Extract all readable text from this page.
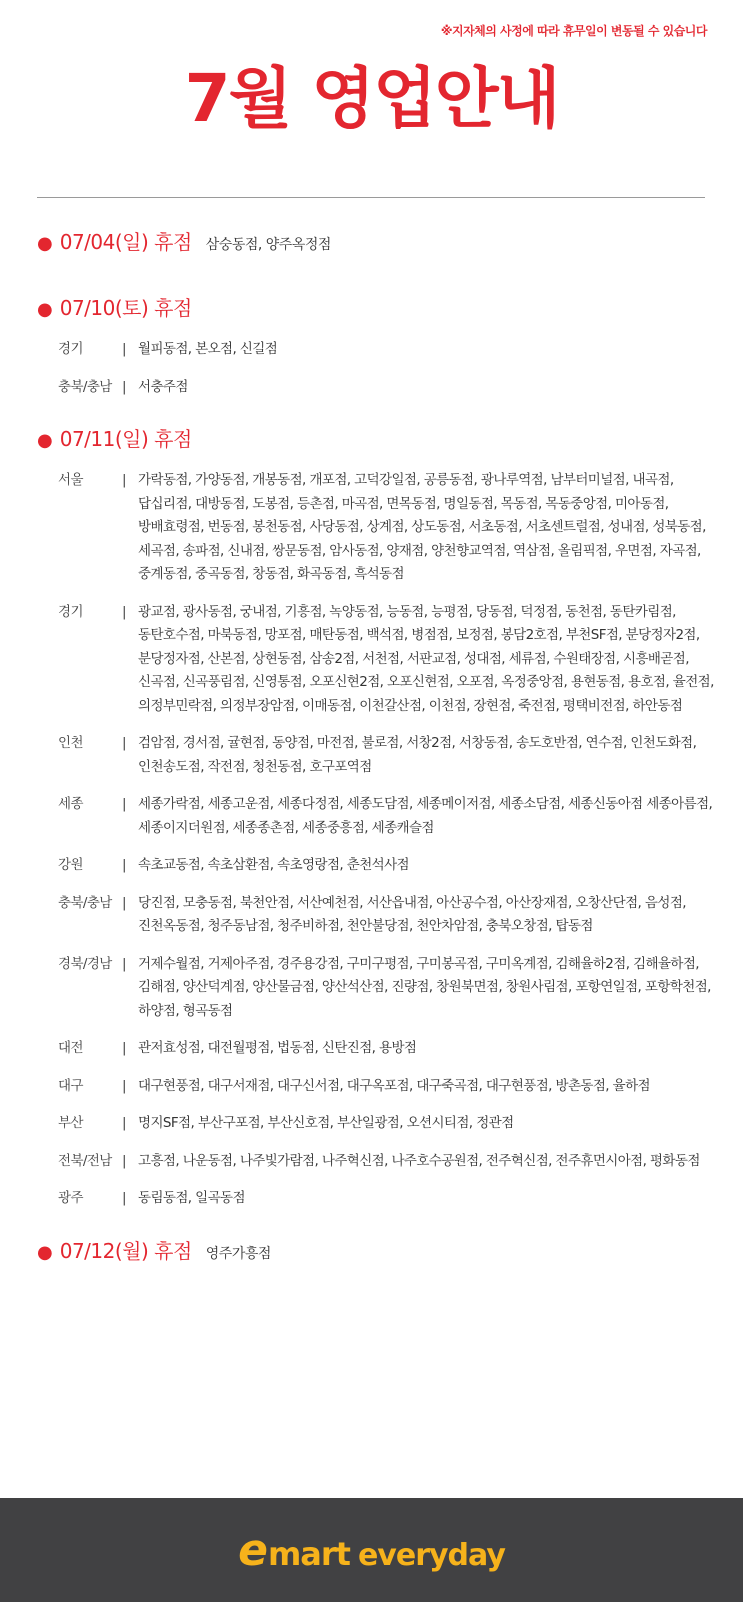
※지자체의 사정에 따라 휴무일이 변동될 수 있습니다
7월 영업안내
● 07/04(일) 휴점 삼숭동점, 양주옥정점
● 07/10(토) 휴점
경기	| 월피동점, 본오점, 신길점
충북/충남 | 서충주점
● 07/11(일) 휴점
서울	| 가락동점, 가양동점, 개봉동점, 개포점, 고덕강일점, 공릉동점, 광나루역점, 남부터미널점, 내곡점, 답십리점, 대방동점, 도봉점, 등촌점, 마곡점, 면목동점, 명일동점, 목동점, 목동중앙점, 미아동점, 방배효령점, 번동점, 봉천동점, 사당동점, 상계점, 상도동점, 서초동점, 서초센트럴점, 성내점, 성북동점, 세곡점, 송파점, 신내점, 쌍문동점, 암사동점, 양재점, 양천향교역점, 역삼점, 올림픽점, 우면점, 자곡점, 중계동점, 중곡동점, 창동점, 화곡동점, 흑석동점
경기	| 광교점, 광사동점, 궁내점, 기흥점, 녹양동점, 능동점, 능평점, 당동점, 덕정점, 동천점, 동탄카림점, 동탄호수점, 마북동점, 망포점, 매탄동점, 백석점, 병점점, 보정점, 봉담2호점, 부천SF점, 분당정자2점, 분당정자점, 산본점, 상현동점, 삼송2점, 서천점, 서판교점, 성대점, 세류점, 수원태장점, 시흥배곧점, 신곡점, 신곡풍림점, 신영통점, 오포신현2점, 오포신현점, 오포점, 옥정중앙점, 용현동점, 용호점, 율전점, 의정부민락점, 의정부장암점, 이매동점, 이천갈산점, 이천점, 장현점, 죽전점, 평택비전점, 하안동점
인천	| 검암점, 경서점, 귤현점, 동양점, 마전점, 불로점, 서창2점, 서창동점, 송도호반점, 연수점, 인천도화점, 인천송도점, 작전점, 청천동점, 호구포역점
세종	| 세종가락점, 세종고운점, 세종다정점, 세종도담점, 세종메이저점, 세종소담점, 세종신동아점 세종아름점, 세종이지더원점, 세종종촌점, 세종중흥점, 세종캐슬점
강원	| 속초교동점, 속초삼환점, 속초영랑점, 춘천석사점
충북/충남 | 당진점, 모충동점, 북천안점, 서산예천점, 서산읍내점, 아산공수점, 아산장재점, 오창산단점, 음성점, 진천옥동점, 청주동남점, 청주비하점, 천안불당점, 천안차암점, 충북오창점, 탑동점
경북/경남 | 거제수월점, 거제아주점, 경주용강점, 구미구평점, 구미봉곡점, 구미옥계점, 김해율하2점, 김해율하점, 김해점, 양산덕계점, 양산물금점, 양산석산점, 진량점, 창원북면점, 창원사림점, 포항연일점, 포항학천점, 하양점, 형곡동점
대전	| 관저효성점, 대전월평점, 법동점, 신탄진점, 용방점
대구	| 대구현풍점, 대구서재점, 대구신서점, 대구옥포점, 대구죽곡점, 대구현풍점, 방촌동점, 율하점
부산	| 명지SF점, 부산구포점, 부산신호점, 부산일광점, 오션시티점, 정관점
전북/전남 | 고흥점, 나운동점, 나주빛가람점, 나주혁신점, 나주호수공원점, 전주혁신점, 전주휴먼시아점, 평화동점
광주	| 동림동점, 일곡동점
● 07/12(월) 휴점 영주가흥점
e mart everyday
